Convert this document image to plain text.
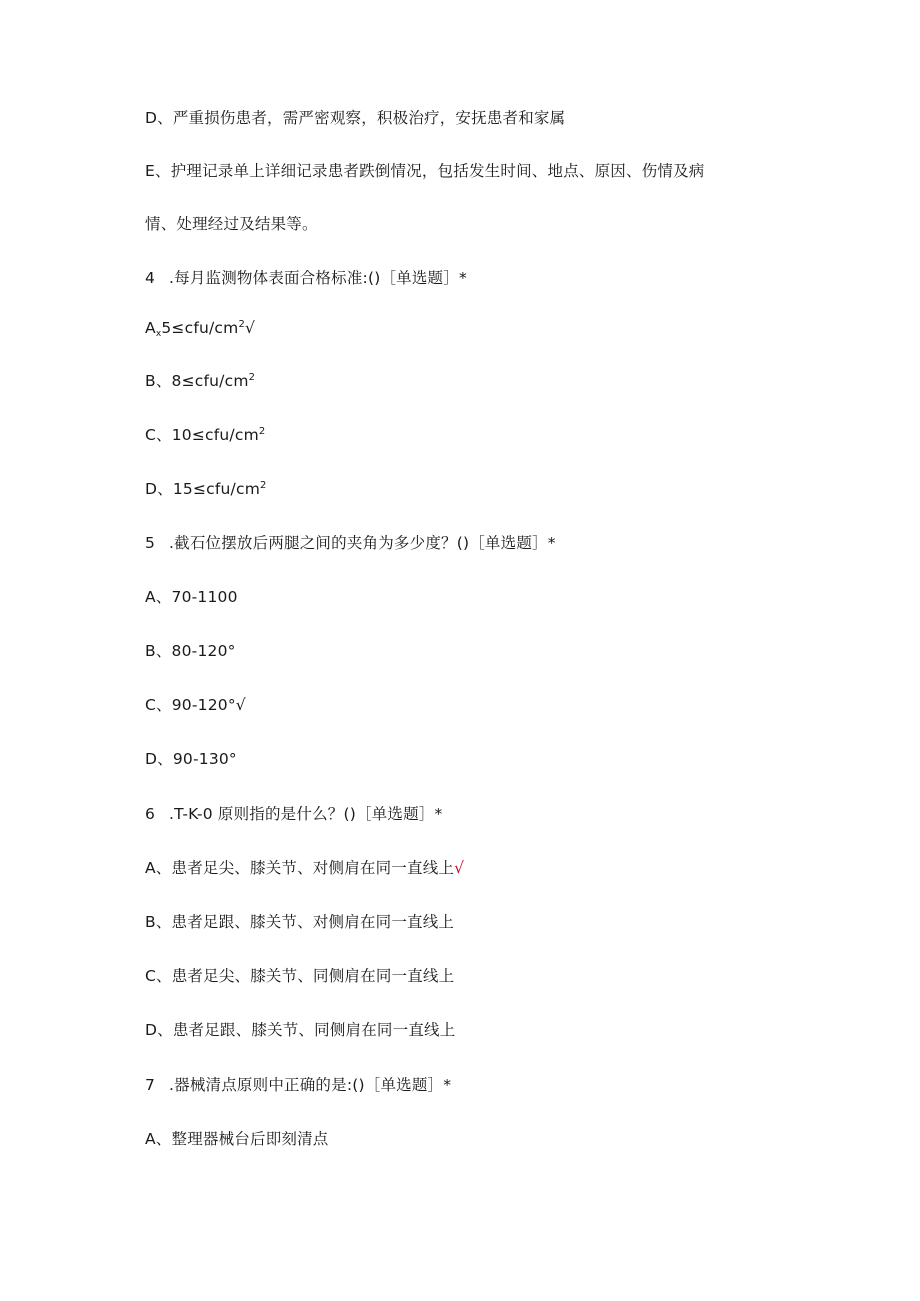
D、严重损伤患者，需严密观察，积极治疗，安抚患者和家属
E、护理记录单上详细记录患者跌倒情况，包括发生时间、地点、原因、伤情及病
情、处理经过及结果等。
4 .每月监测物体表面合格标准:()［单选题］*
$A_x5\le cfu∕cm^2√$
B、$8\le cfu∕cm^2$
C、$10\le cfu∕cm^2$
D、$15\le cfu∕cm^2$
5 .截石位摆放后两腿之间的夹角为多少度？()［单选题］*
A、70-1100
B、80-120°
C、90-120°√
D、90-130°
6 .T-K-0 原则指的是什么？()［单选题］*
A、患者足尖、膝关节、对侧肩在同一直线上√
B、患者足跟、膝关节、对侧肩在同一直线上
C、患者足尖、膝关节、同侧肩在同一直线上
D、患者足跟、膝关节、同侧肩在同一直线上
7 .器械清点原则中正确的是:()［单选题］*
A、整理器械台后即刻清点
